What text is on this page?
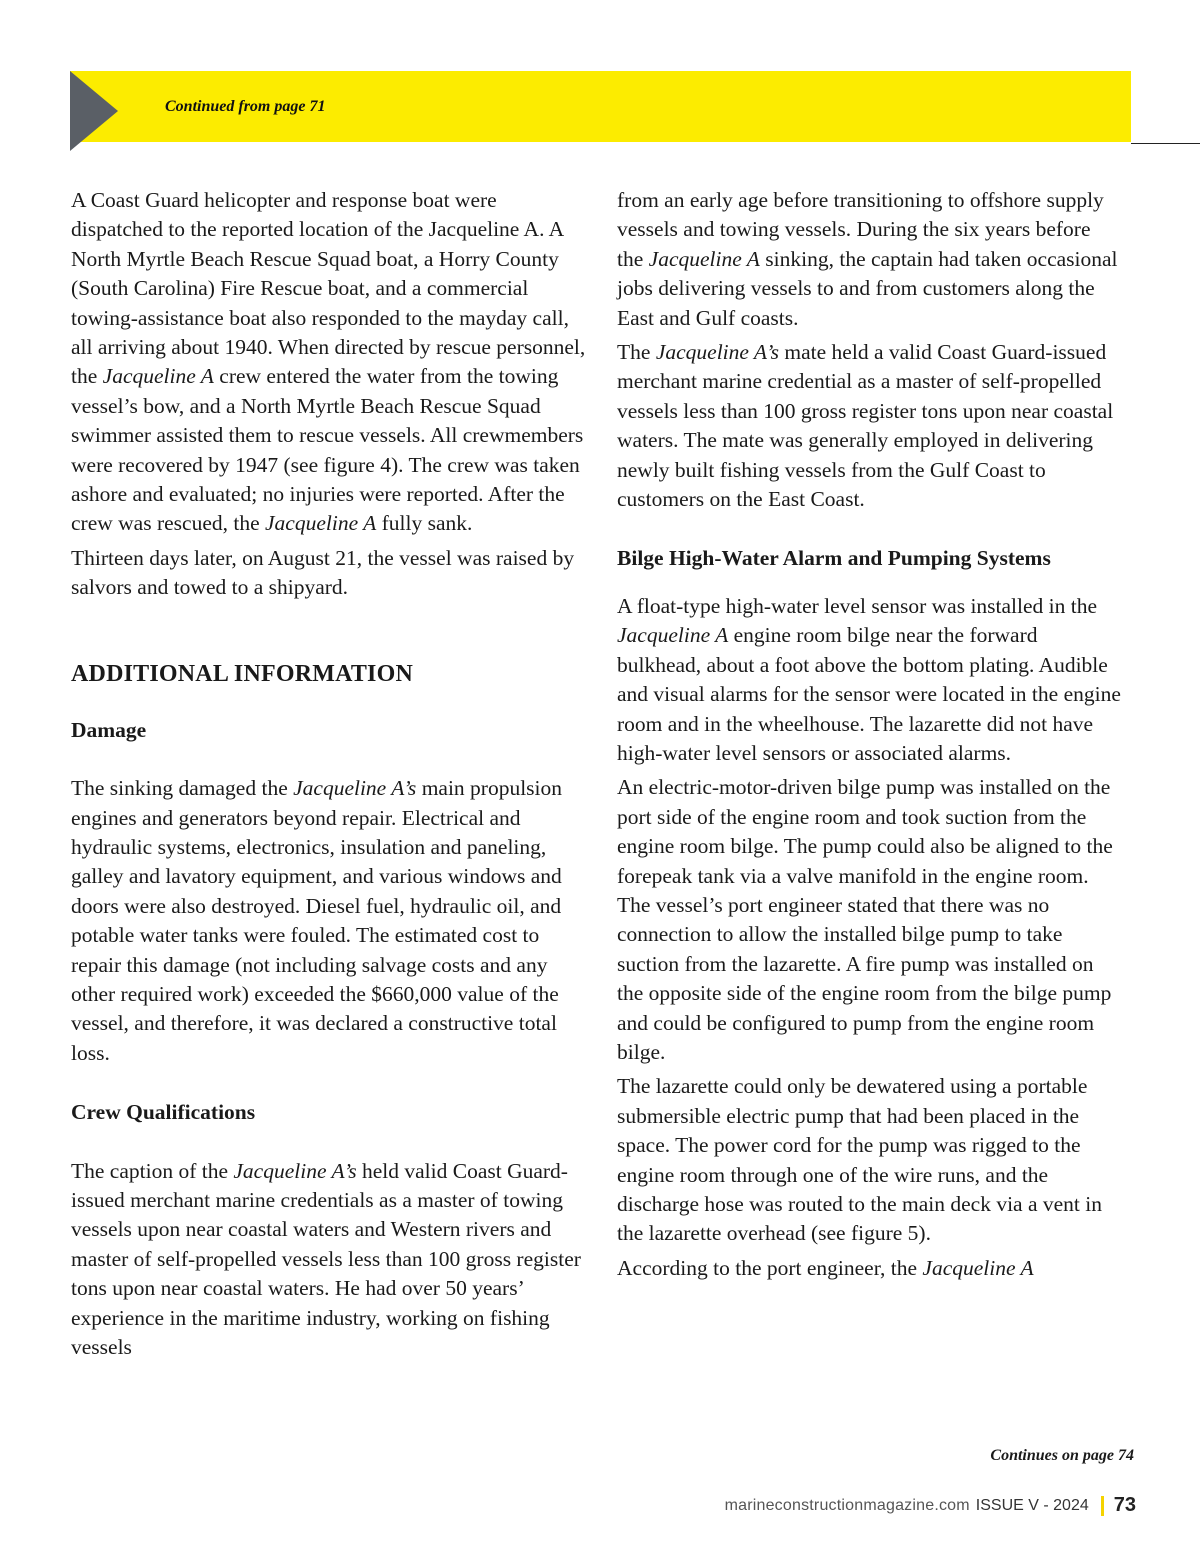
Continued from page 71

A Coast Guard helicopter and response boat were dispatched to the reported location of the Jacqueline A. A North Myrtle Beach Rescue Squad boat, a Horry County (South Carolina) Fire Rescue boat, and a commercial towing-assistance boat also responded to the mayday call, all arriving about 1940. When directed by rescue personnel, the Jacqueline A crew entered the water from the towing vessel’s bow, and a North Myrtle Beach Rescue Squad swimmer assisted them to rescue vessels. All crewmembers were recovered by 1947 (see figure 4). The crew was taken ashore and evaluated; no injuries were reported. After the crew was rescued, the Jacqueline A fully sank.

Thirteen days later, on August 21, the vessel was raised by salvors and towed to a shipyard.

ADDITIONAL INFORMATION
Damage

The sinking damaged the Jacqueline A’s main propulsion engines and generators beyond repair. Electrical and hydraulic systems, electronics, insulation and paneling, galley and lavatory equipment, and various windows and doors were also destroyed. Diesel fuel, hydraulic oil, and potable water tanks were fouled. The estimated cost to repair this damage (not including salvage costs and any other required work) exceeded the $660,000 value of the vessel, and therefore, it was declared a constructive total loss.

Crew Qualifications

The caption of the Jacqueline A’s held valid Coast Guard-issued merchant marine credentials as a master of towing vessels upon near coastal waters and Western rivers and master of self-propelled vessels less than 100 gross register tons upon near coastal waters. He had over 50 years’ experience in the maritime industry, working on fishing vessels

from an early age before transitioning to offshore supply vessels and towing vessels. During the six years before the Jacqueline A sinking, the captain had taken occasional jobs delivering vessels to and from customers along the East and Gulf coasts.

The Jacqueline A’s mate held a valid Coast Guard-issued merchant marine credential as a master of self-propelled vessels less than 100 gross register tons upon near coastal waters. The mate was generally employed in delivering newly built fishing vessels from the Gulf Coast to customers on the East Coast.

Bilge High-Water Alarm and Pumping Systems

A float-type high-water level sensor was installed in the Jacqueline A engine room bilge near the forward bulkhead, about a foot above the bottom plating. Audible and visual alarms for the sensor were located in the engine room and in the wheelhouse. The lazarette did not have high-water level sensors or associated alarms.

An electric-motor-driven bilge pump was installed on the port side of the engine room and took suction from the engine room bilge. The pump could also be aligned to the forepeak tank via a valve manifold in the engine room. The vessel’s port engineer stated that there was no connection to allow the installed bilge pump to take suction from the lazarette. A fire pump was installed on the opposite side of the engine room from the bilge pump and could be configured to pump from the engine room bilge.

The lazarette could only be dewatered using a portable submersible electric pump that had been placed in the space. The power cord for the pump was rigged to the engine room through one of the wire runs, and the discharge hose was routed to the main deck via a vent in the lazarette overhead (see figure 5).

According to the port engineer, the Jacqueline A

Continues on page 74
marineconstructionmagazine.com ISSUE V - 2024 73
